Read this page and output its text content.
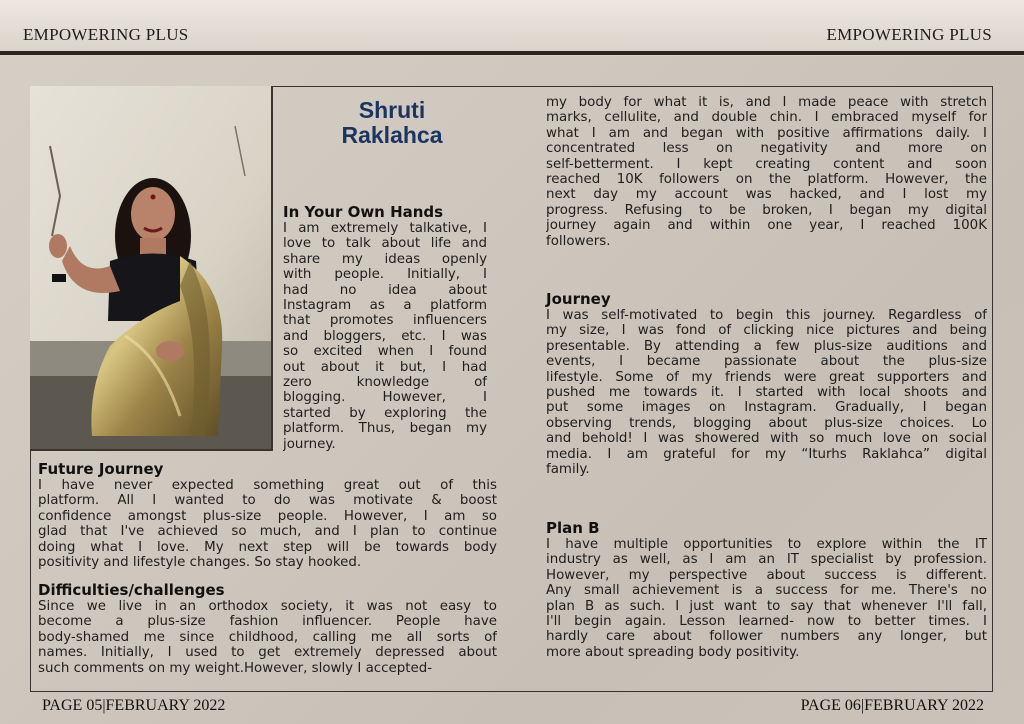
EMPOWERING PLUS	EMPOWERING PLUS
Shruti
Raklahca
In Your Own Hands
I am extremely talkative, I
love to talk about life and
share my ideas openly
with people. Initially, I
had no idea about
Instagram as a platform
that promotes influencers
and bloggers, etc. I was
so excited when I found
out about it but, I had
zero knowledge of
blogging. However, I
started by exploring the
platform. Thus, began my
journey.
Future Journey
I have never expected something great out of this
platform. All I wanted to do was motivate & boost
confidence amongst plus-size people. However, I am so
glad that I've achieved so much, and I plan to continue
doing what I love. My next step will be towards body
positivity and lifestyle changes. So stay hooked.
Difficulties/challenges
Since we live in an orthodox society, it was not easy to
become a plus-size fashion influencer. People have
body-shamed me since childhood, calling me all sorts of
names. Initially, I used to get extremely depressed about
such comments on my weight.However, slowly I accepted-
my body for what it is, and I made peace with stretch
marks, cellulite, and double chin. I embraced myself for
what I am and began with positive affirmations daily. I
concentrated less on negativity and more on
self-betterment. I kept creating content and soon
reached 10K followers on the platform. However, the
next day my account was hacked, and I lost my
progress. Refusing to be broken, I began my digital
journey again and within one year, I reached 100K
followers.
Journey
I was self-motivated to begin this journey. Regardless of
my size, I was fond of clicking nice pictures and being
presentable. By attending a few plus-size auditions and
events, I became passionate about the plus-size
lifestyle. Some of my friends were great supporters and
pushed me towards it. I started with local shoots and
put some images on Instagram. Gradually, I began
observing trends, blogging about plus-size choices. Lo
and behold! I was showered with so much love on social
media. I am grateful for my “Iturhs Raklahca” digital
family.
Plan B
I have multiple opportunities to explore within the IT
industry as well, as I am an IT specialist by profession.
However, my perspective about success is different.
Any small achievement is a success for me. There's no
plan B as such. I just want to say that whenever I'll fall,
I'll begin again. Lesson learned- now to better times. I
hardly care about follower numbers any longer, but
more about spreading body positivity.
PAGE 05|FEBRUARY 2022	PAGE 06|FEBRUARY 2022
